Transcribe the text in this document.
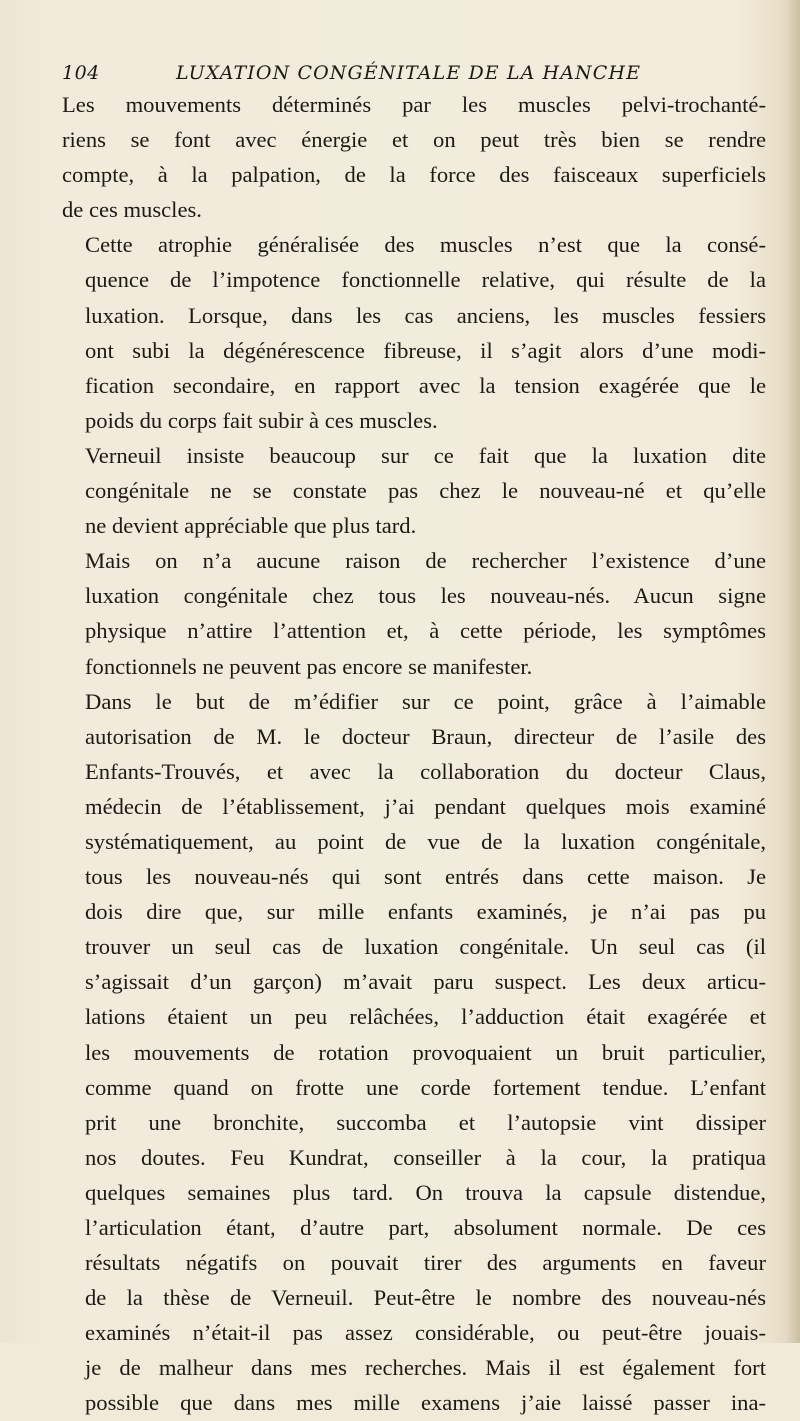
104	LUXATION CONGÉNITALE DE LA HANCHE

Les mouvements déterminés par les muscles pelvi-trochanté-
riens se font avec énergie et on peut très bien se rendre
compte, à la palpation, de la force des faisceaux superficiels
de ces muscles.

Cette atrophie généralisée des muscles n’est que la consé-
quence de l’impotence fonctionnelle relative, qui résulte de la
luxation. Lorsque, dans les cas anciens, les muscles fessiers
ont subi la dégénérescence fibreuse, il s’agit alors d’une modi-
fication secondaire, en rapport avec la tension exagérée que le
poids du corps fait subir à ces muscles.

Verneuil insiste beaucoup sur ce fait que la luxation dite
congénitale ne se constate pas chez le nouveau-né et qu’elle
ne devient appréciable que plus tard.

Mais on n’a aucune raison de rechercher l’existence d’une
luxation congénitale chez tous les nouveau-nés. Aucun signe
physique n’attire l’attention et, à cette période, les symptômes
fonctionnels ne peuvent pas encore se manifester.

Dans le but de m’édifier sur ce point, grâce à l’aimable
autorisation de M. le docteur Braun, directeur de l’asile des
Enfants-Trouvés, et avec la collaboration du docteur Claus,
médecin de l’établissement, j’ai pendant quelques mois examiné
systématiquement, au point de vue de la luxation congénitale,
tous les nouveau-nés qui sont entrés dans cette maison. Je
dois dire que, sur mille enfants examinés, je n’ai pas pu
trouver un seul cas de luxation congénitale. Un seul cas (il
s’agissait d’un garçon) m’avait paru suspect. Les deux articu-
lations étaient un peu relâchées, l’adduction était exagérée et
les mouvements de rotation provoquaient un bruit particulier,
comme quand on frotte une corde fortement tendue. L’enfant
prit une bronchite, succomba et l’autopsie vint dissiper
nos doutes. Feu Kundrat, conseiller à la cour, la pratiqua
quelques semaines plus tard. On trouva la capsule distendue,
l’articulation étant, d’autre part, absolument normale. De ces
résultats négatifs on pouvait tirer des arguments en faveur
de la thèse de Verneuil. Peut-être le nombre des nouveau-nés
examinés n’était-il pas assez considérable, ou peut-être jouais-
je de malheur dans mes recherches. Mais il est également fort
possible que dans mes mille examens j’aie laissé passer ina-
